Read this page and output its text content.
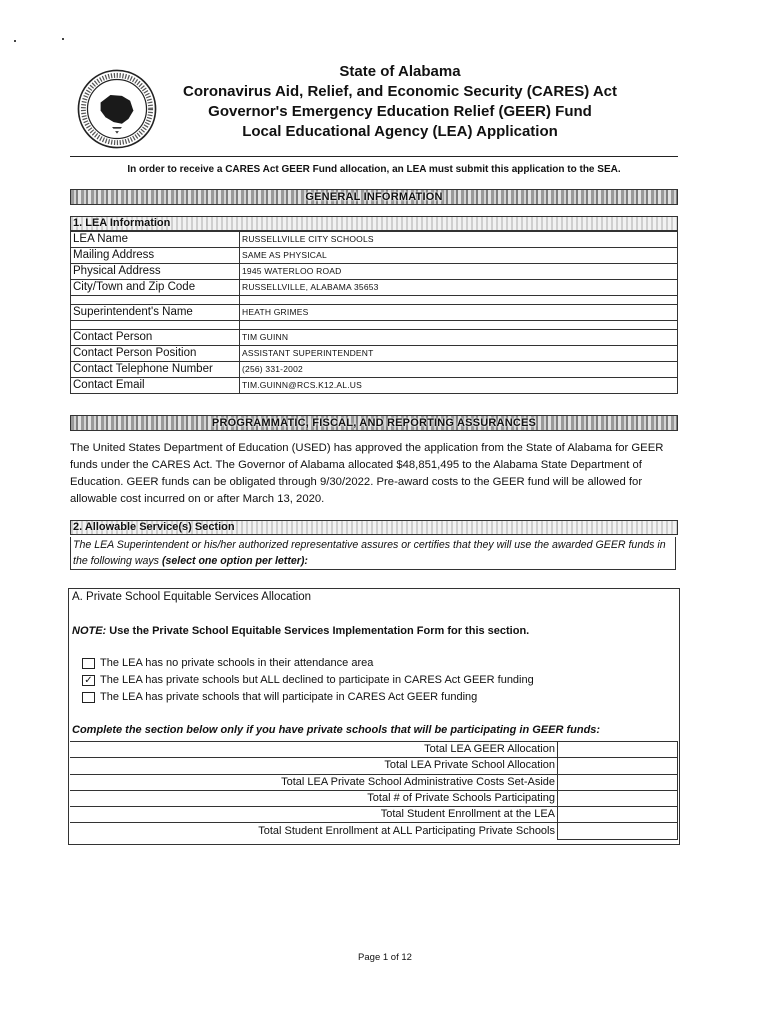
State of Alabama
Coronavirus Aid, Relief, and Economic Security (CARES) Act
Governor's Emergency Education Relief (GEER) Fund
Local Educational Agency (LEA) Application
In order to receive a CARES Act GEER Fund allocation, an LEA must submit this application to the SEA.
GENERAL INFORMATION
1. LEA Information
LEA Name	RUSSELLVILLE CITY SCHOOLS
Mailing Address	SAME AS PHYSICAL
Physical Address	1945 WATERLOO ROAD
City/Town and Zip Code	RUSSELLVILLE, ALABAMA 35653

Superintendent's Name	HEATH GRIMES

Contact Person	TIM GUINN
Contact Person Position	ASSISTANT SUPERINTENDENT
Contact Telephone Number	(256) 331-2002
Contact Email	TIM.GUINN@RCS.K12.AL.US
PROGRAMMATIC, FISCAL, AND REPORTING ASSURANCES
The United States Department of Education (USED) has approved the application from the State of Alabama for GEER funds under the CARES Act. The Governor of Alabama allocated $48,851,495 to the Alabama State Department of Education. GEER funds can be obligated through 9/30/2022. Pre-award costs to the GEER fund will be allowed for allowable cost incurred on or after March 13, 2020.
2. Allowable Service(s) Section
The LEA Superintendent or his/her authorized representative assures or certifies that they will use the awarded GEER funds in the following ways (select one option per letter):
A. Private School Equitable Services Allocation
NOTE: Use the Private School Equitable Services Implementation Form for this section.
The LEA has no private schools in their attendance area
✓ The LEA has private schools but ALL declined to participate in CARES Act GEER funding
The LEA has private schools that will participate in CARES Act GEER funding
Complete the section below only if you have private schools that will be participating in GEER funds:
Total LEA GEER Allocation	
Total LEA Private School Allocation	
Total LEA Private School Administrative Costs Set-Aside	
Total # of Private Schools Participating	
Total Student Enrollment at the LEA	
Total Student Enrollment at ALL Participating Private Schools	
Page 1 of 12
